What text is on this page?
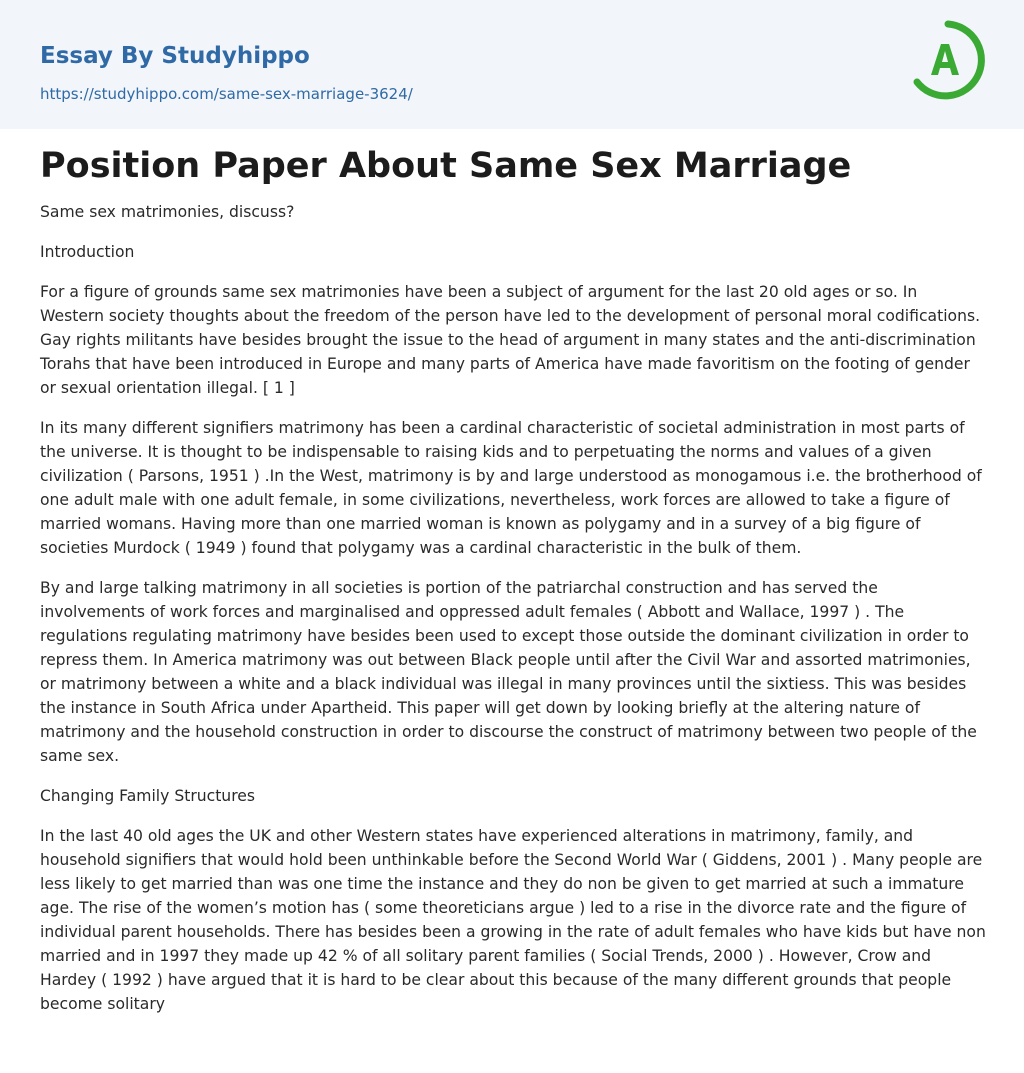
Essay By Studyhippo
https://studyhippo.com/same-sex-marriage-3624/
Position Paper About Same Sex Marriage

Same sex matrimonies, discuss?

Introduction

For a figure of grounds same sex matrimonies have been a subject of argument for the last 20 old ages or so. In Western society thoughts about the freedom of the person have led to the development of personal moral codifications. Gay rights militants have besides brought the issue to the head of argument in many states and the anti-discrimination Torahs that have been introduced in Europe and many parts of America have made favoritism on the footing of gender or sexual orientation illegal. [ 1 ]

In its many different signifiers matrimony has been a cardinal characteristic of societal administration in most parts of the universe. It is thought to be indispensable to raising kids and to perpetuating the norms and values of a given civilization ( Parsons, 1951 ) .In the West, matrimony is by and large understood as monogamous i.e. the brotherhood of one adult male with one adult female, in some civilizations, nevertheless, work forces are allowed to take a figure of married womans. Having more than one married woman is known as polygamy and in a survey of a big figure of societies Murdock ( 1949 ) found that polygamy was a cardinal characteristic in the bulk of them.

By and large talking matrimony in all societies is portion of the patriarchal construction and has served the involvements of work forces and marginalised and oppressed adult females ( Abbott and Wallace, 1997 ) . The regulations regulating matrimony have besides been used to except those outside the dominant civilization in order to repress them. In America matrimony was out between Black people until after the Civil War and assorted matrimonies, or matrimony between a white and a black individual was illegal in many provinces until the sixtiess. This was besides the instance in South Africa under Apartheid. This paper will get down by looking briefly at the altering nature of matrimony and the household construction in order to discourse the construct of matrimony between two people of the same sex.

Changing Family Structures

In the last 40 old ages the UK and other Western states have experienced alterations in matrimony, family, and household signifiers that would hold been unthinkable before the Second World War ( Giddens, 2001 ) . Many people are less likely to get married than was one time the instance and they do non be given to get married at such a immature age. The rise of the women’s motion has ( some theoreticians argue ) led to a rise in the divorce rate and the figure of individual parent households. There has besides been a growing in the rate of adult females who have kids but have non married and in 1997 they made up 42 % of all solitary parent families ( Social Trends, 2000 ) . However, Crow and Hardey ( 1992 ) have argued that it is hard to be clear about this because of the many different grounds that people become solitary
